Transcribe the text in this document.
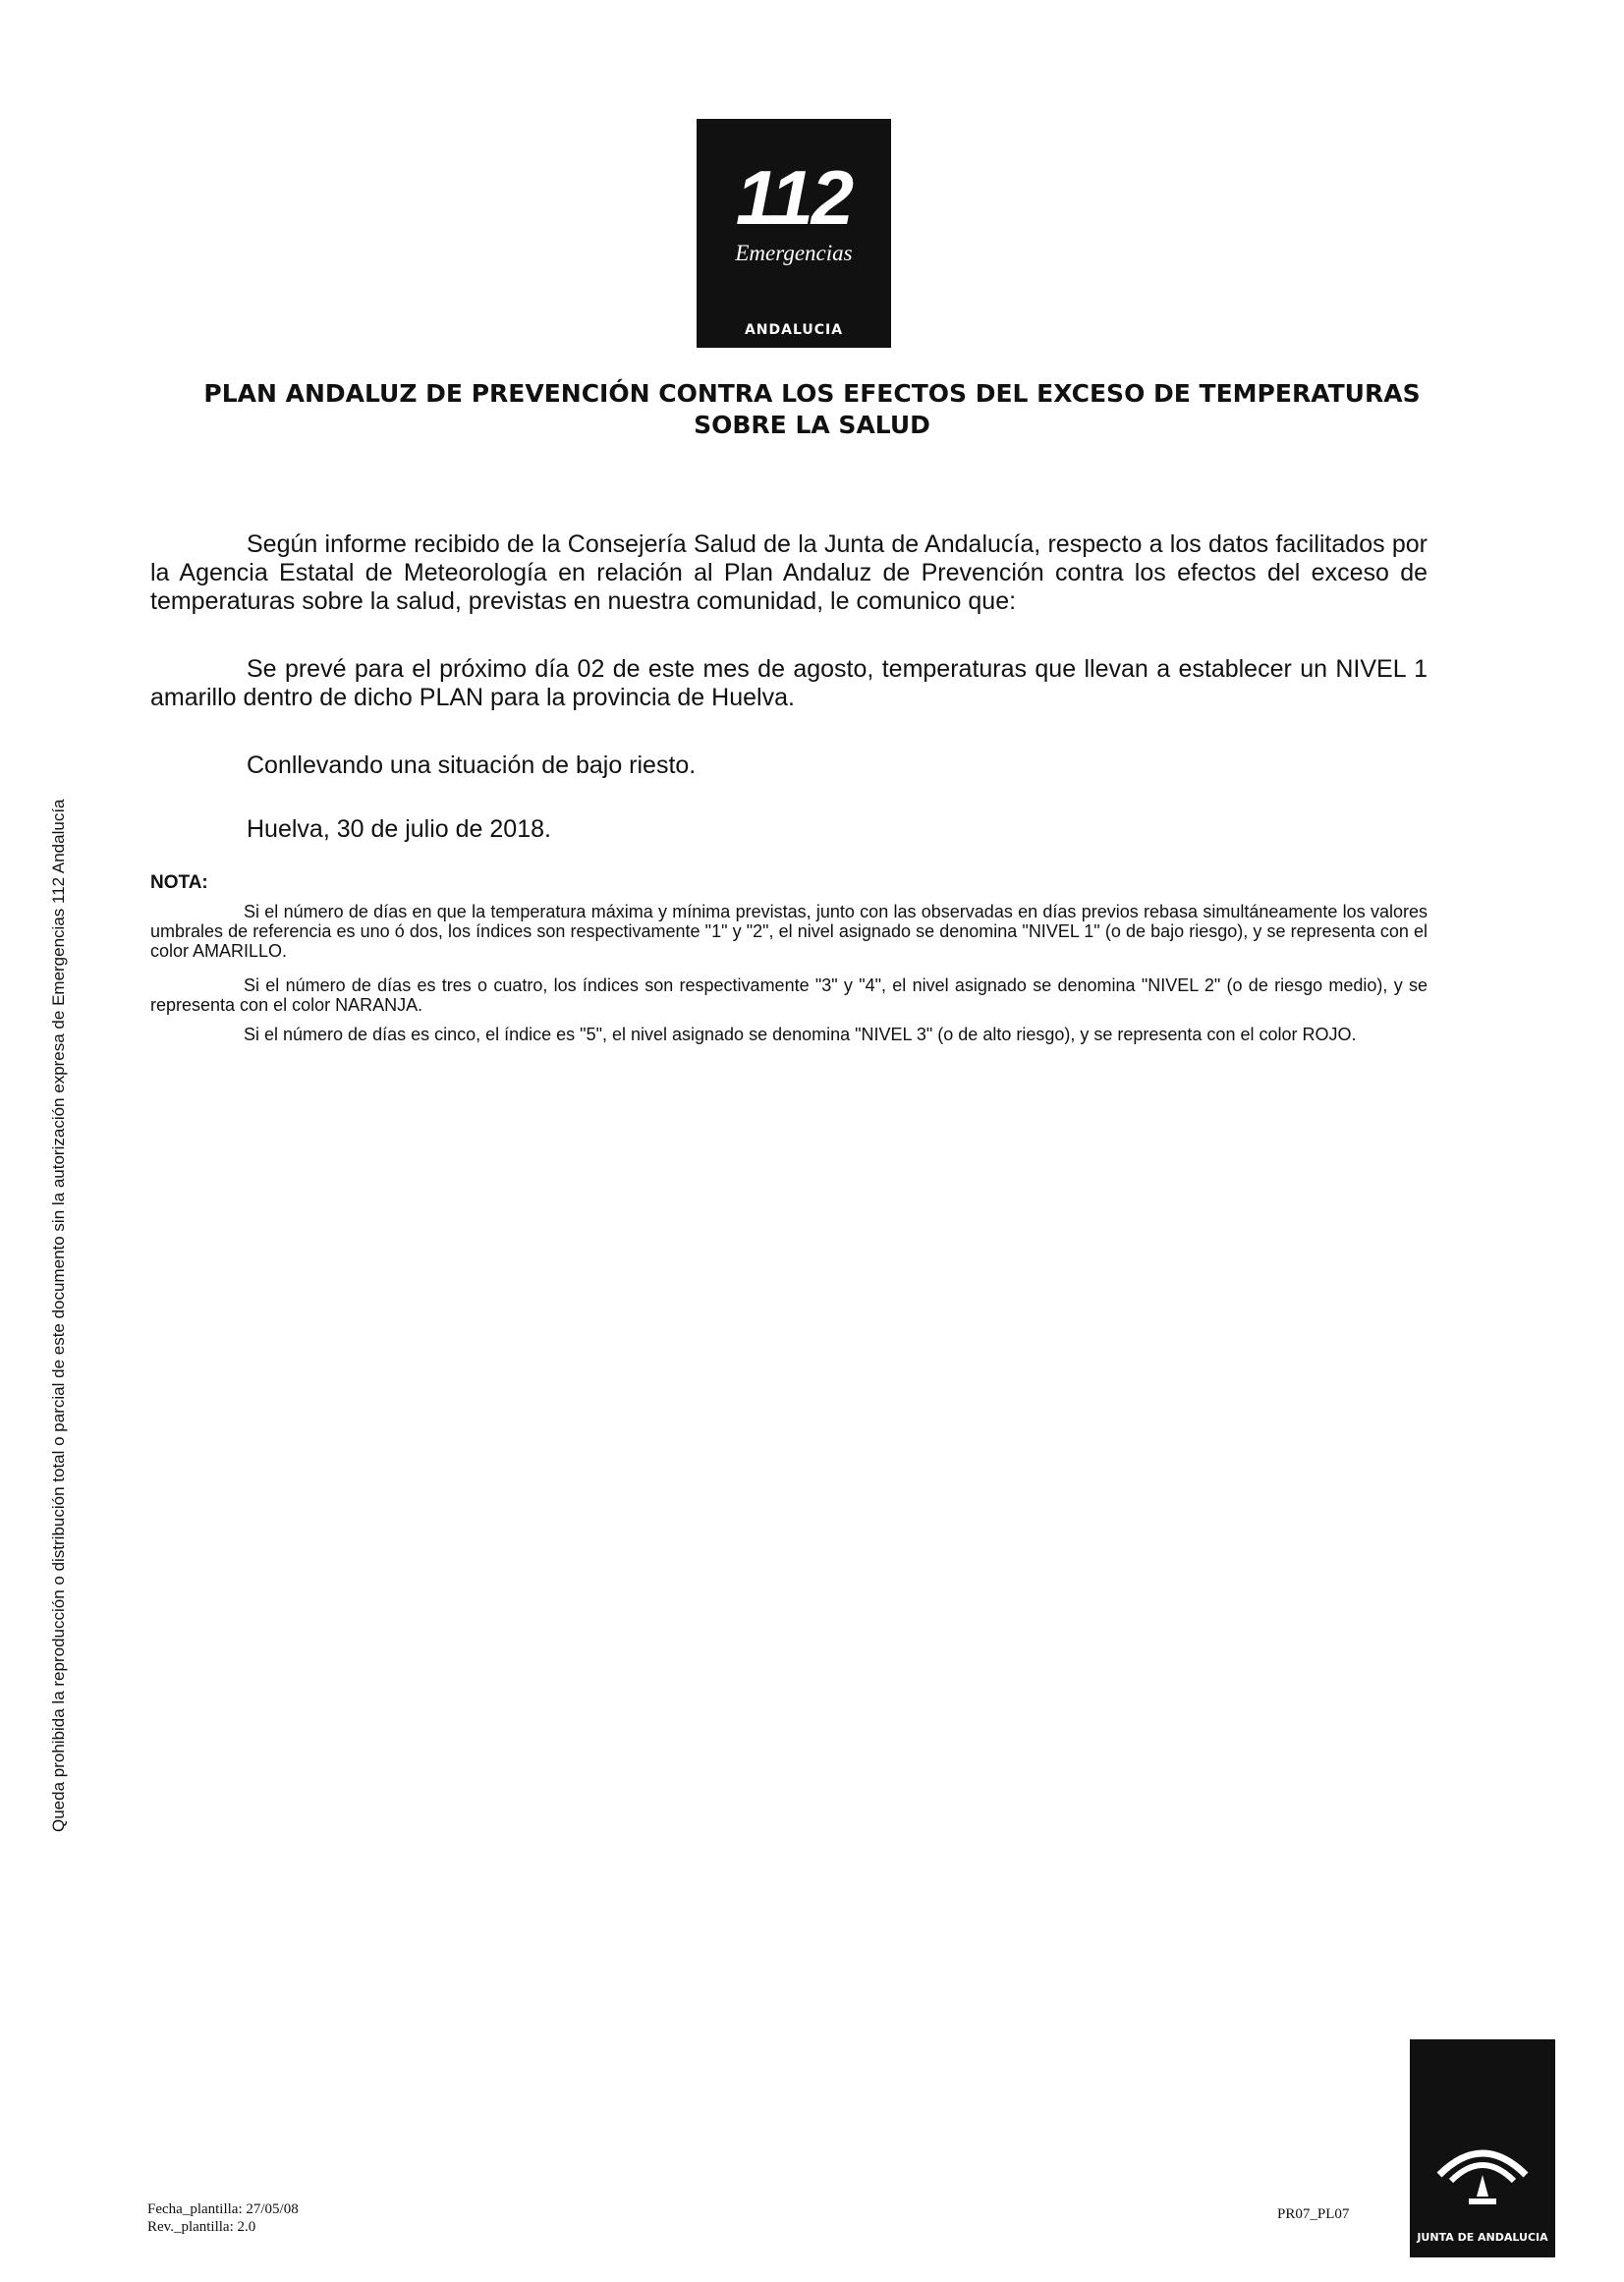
112
Emergencias
ANDALUCIA
PLAN ANDALUZ DE PREVENCIÓN CONTRA LOS EFECTOS DEL EXCESO DE TEMPERATURAS
SOBRE LA SALUD

Según informe recibido de la Consejería Salud de la Junta de Andalucía, respecto a los datos facilitados por la Agencia Estatal de Meteorología en relación al Plan Andaluz de Prevención contra los efectos del exceso de temperaturas sobre la salud, previstas en nuestra comunidad, le comunico que:

Se prevé para el próximo día 02 de este mes de agosto, temperaturas que llevan a establecer un NIVEL 1 amarillo dentro de dicho PLAN para la provincia de Huelva.

Conllevando una situación de bajo riesto.

Huelva, 30 de julio de 2018.

NOTA:

Si el número de días en que la temperatura máxima y mínima previstas, junto con las observadas en días previos rebasa simultáneamente los valores umbrales de referencia es uno ó dos, los índices son respectivamente "1" y "2", el nivel asignado se denomina "NIVEL 1" (o de bajo riesgo), y se representa con el color AMARILLO.

Si el número de días es tres o cuatro, los índices son respectivamente "3" y "4", el nivel asignado se denomina "NIVEL 2" (o de riesgo medio), y se representa con el color NARANJA.

Si el número de días es cinco, el índice es "5", el nivel asignado se denomina "NIVEL 3" (o de alto riesgo), y se representa con el color ROJO.

Queda prohibida la reproducción o distribución total o parcial de este documento sin la autorización expresa de Emergencias 112 Andalucía
Fecha_plantilla: 27/05/08
Rev._plantilla: 2.0
PR07_PL07
JUNTA DE ANDALUCIA
